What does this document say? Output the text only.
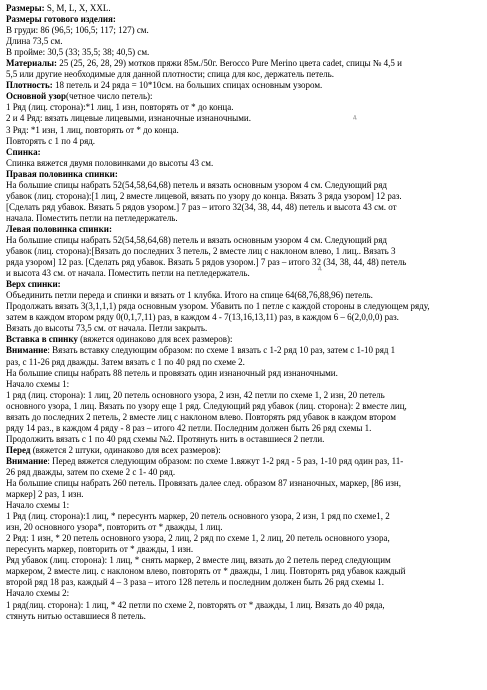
Размеры: S, M, L, X, XXL.
Размеры готового изделия:
В груди: 86 (96,5; 106,5; 117; 127) см.
Длина 73,5 см.
В пройме: 30,5 (33; 35,5; 38; 40,5) см.
Материалы: 25 (25, 26, 28, 29) мотков пряжи 85м./50г. Berocco Pure Merino цвета cadet, спицы № 4,5 и
5,5 или другие необходимые для данной плотности; спица для кос, держатель петель.
Плотность: 18 петель и 24 ряда = 10*10см. на больших спицах основным узором.
Основной узор(четное число петель):
1 Ряд (лиц. сторона):*1 лиц, 1 изн, повторять от * до конца.
2 и 4 Ряд: вязать лицевые лицевыми, изнаночные изнаночными.
3 Ряд: *1 изн, 1 лиц, повторять от * до конца.
Повторять с 1 по 4 ряд.
Спинка:
Спинка вяжется двумя половинками до высоты 43 см.
Правая половинка спинки:
На большие спицы набрать 52(54,58,64,68) петель и вязать основным узором 4 см. Следующий ряд
убавок (лиц. сторона):[1 лиц, 2 вместе лицевой, вязать по узору до конца. Вязать 3 ряда узором] 12 раз.
[Сделать ряд убавок. Вязать 5 рядов узором.] 7 раз – итого 32(34, 38, 44, 48) петель и высота 43 см. от
начала. Поместить петли на петледержатель.
Левая половинка спинки:
На большие спицы набрать 52(54,58,64,68) петель и вязать основным узором 4 см. Следующий ряд
убавок (лиц. сторона):[Вязать до последних 3 петель, 2 вместе лиц с наклоном влево, 1 лиц.. Вязать 3
ряда узором] 12 раз. [Сделать ряд убавок. Вязать 5 рядов узором.] 7 раз – итого 32 (34, 38, 44, 48) петель
и высота 43 см. от начала. Поместить петли на петледержатель.
Верх спинки:
Объединить петли переда и спинки и вязать от 1 клубка. Итого на спице 64(68,76,88,96) петель.
Продолжать вязать 3(3,1,1,1) ряда основным узором. Убавить по 1 петле с каждой стороны в следующем ряду,
затем в каждом втором ряду 0(0,1,7,11) раз, в каждом 4 - 7(13,16,13,11) раз, в каждом 6 – 6(2,0,0,0) раз.
Вязать до высоты 73,5 см. от начала. Петли закрыть.
Вставка в спинку (вяжется одинаково для всех размеров):
Внимание: Вязать вставку следующим образом: по схеме 1 вязать с 1-2 ряд 10 раз, затем с 1-10 ряд 1
раз, с 11-26 ряд дважды. Затем вязать с 1 по 40 ряд по схеме 2.
На большие спицы набрать 88 петель и провязать один изнаночный ряд изнаночными.
Начало схемы 1:
1 ряд (лиц. сторона): 1 лиц, 20 петель основного узора, 2 изн, 42 петли по схеме 1, 2 изн, 20 петель
основного узора, 1 лиц. Вязать по узору еще 1 ряд. Следующий ряд убавок (лиц. сторона): 2 вместе лиц,
вязать до последних 2 петель, 2 вместе лиц с наклоном влево. Повторять ряд убавок в каждом втором
ряду 14 раз., в каждом 4 ряду - 8 раз – итого 42 петли. Последним должен быть 26 ряд схемы 1.
Продолжить вязать с 1 по 40 ряд схемы №2. Протянуть нить в оставшиеся 2 петли.
Перед (вяжется 2 штуки, одинаково для всех размеров):
Внимание: Перед вяжется следующим образом: по схеме 1.вяжут 1-2 ряд - 5 раз, 1-10 ряд один раз, 11-
26 ряд дважды, затем по схеме 2 с 1- 40 ряд.
На большие спицы набрать 260 петель. Провязать далее след. образом 87 изнаночных, маркер, [86 изн,
маркер] 2 раз, 1 изн.
Начало схемы 1:
1 Ряд (лиц. сторона):1 лиц, * пересунть маркер, 20 петель основного узора, 2 изн, 1 ряд по схеме1, 2
изн, 20 основного узора*, повторить от * дважды, 1 лиц.
2 Ряд: 1 изн, * 20 петель основного узора, 2 лиц, 2 ряд по схеме 1, 2 лиц, 20 петель основного узора,
пересунть маркер, повторить от * дважды, 1 изн.
Ряд убавок (лиц. сторона): 1 лиц, * снять маркер, 2 вместе лиц, вязать до 2 петель перед следующим
маркером, 2 вместе лиц. с наклоном влево, повторять от * дважды, 1 лиц. Повторять ряд убавок каждый
второй ряд 18 раз, каждый 4 – 3 раза – итого 128 петель и последним должен быть 26 ряд схемы 1.
Начало схемы 2:
1 ряд(лиц. сторона): 1 лиц, * 42 петли по схеме 2, повторять от * дважды, 1 лиц. Вязать до 40 ряда,
стянуть нитью оставшиеся 8 петель.
4
4
